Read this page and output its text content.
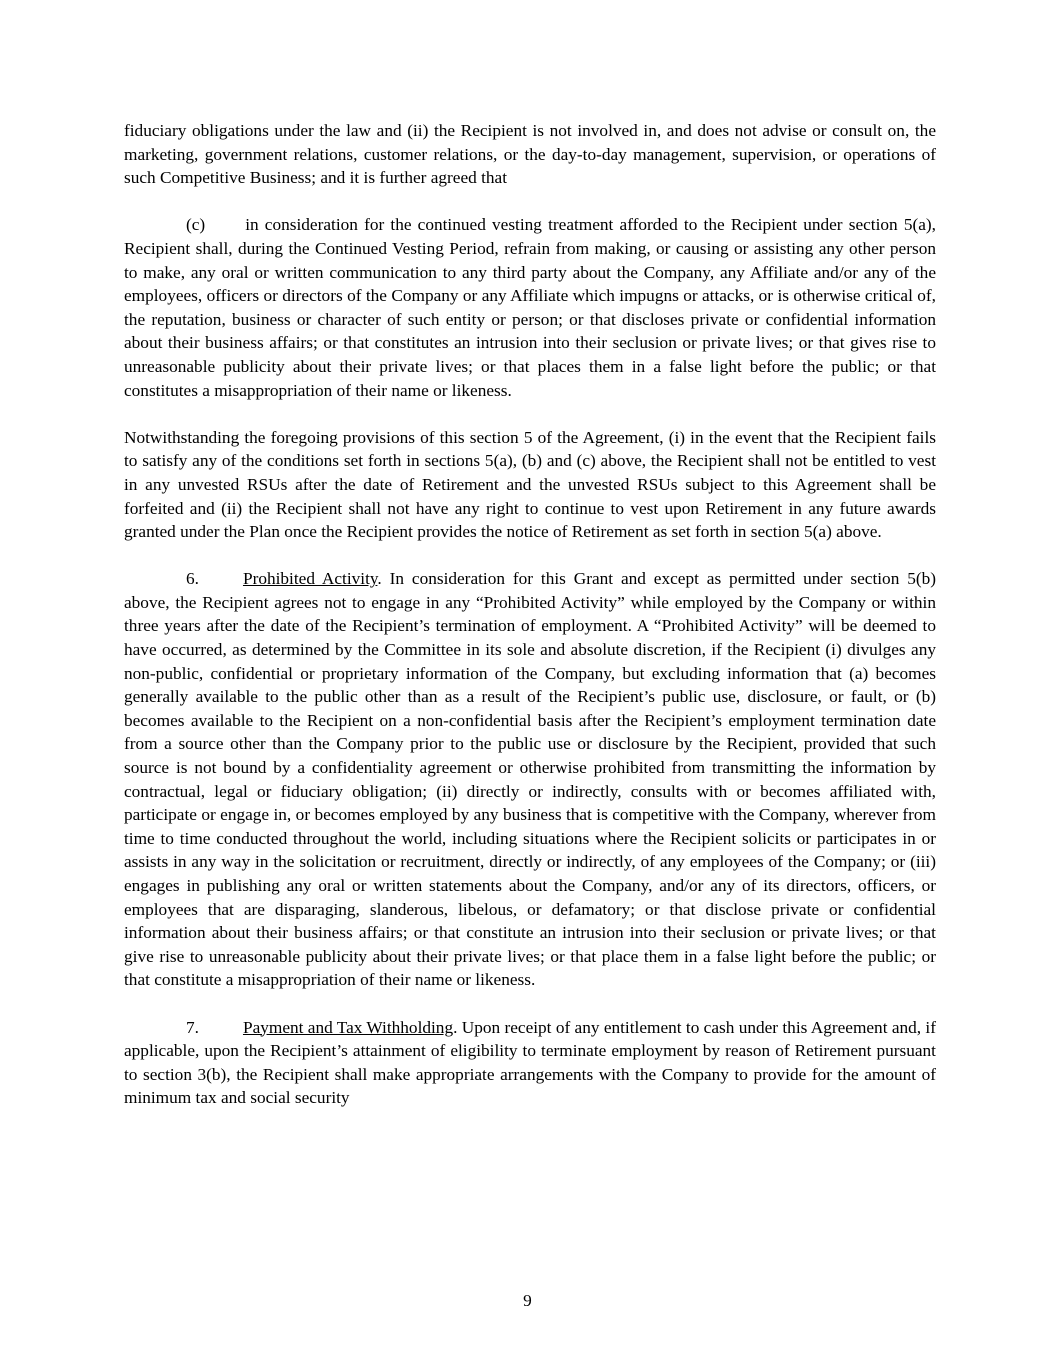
fiduciary obligations under the law and (ii) the Recipient is not involved in, and does not advise or consult on, the marketing, government relations, customer relations, or the day-to-day management, supervision, or operations of such Competitive Business; and it is further agreed that

(c) in consideration for the continued vesting treatment afforded to the Recipient under section 5(a), Recipient shall, during the Continued Vesting Period, refrain from making, or causing or assisting any other person to make, any oral or written communication to any third party about the Company, any Affiliate and/or any of the employees, officers or directors of the Company or any Affiliate which impugns or attacks, or is otherwise critical of, the reputation, business or character of such entity or person; or that discloses private or confidential information about their business affairs; or that constitutes an intrusion into their seclusion or private lives; or that gives rise to unreasonable publicity about their private lives; or that places them in a false light before the public; or that constitutes a misappropriation of their name or likeness.

Notwithstanding the foregoing provisions of this section 5 of the Agreement, (i) in the event that the Recipient fails to satisfy any of the conditions set forth in sections 5(a), (b) and (c) above, the Recipient shall not be entitled to vest in any unvested RSUs after the date of Retirement and the unvested RSUs subject to this Agreement shall be forfeited and (ii) the Recipient shall not have any right to continue to vest upon Retirement in any future awards granted under the Plan once the Recipient provides the notice of Retirement as set forth in section 5(a) above.

6.	Prohibited Activity. In consideration for this Grant and except as permitted under section 5(b) above, the Recipient agrees not to engage in any “Prohibited Activity” while employed by the Company or within three years after the date of the Recipient’s termination of employment. A “Prohibited Activity” will be deemed to have occurred, as determined by the Committee in its sole and absolute discretion, if the Recipient (i) divulges any non-public, confidential or proprietary information of the Company, but excluding information that (a) becomes generally available to the public other than as a result of the Recipient’s public use, disclosure, or fault, or (b) becomes available to the Recipient on a non-confidential basis after the Recipient’s employment termination date from a source other than the Company prior to the public use or disclosure by the Recipient, provided that such source is not bound by a confidentiality agreement or otherwise prohibited from transmitting the information by contractual, legal or fiduciary obligation; (ii) directly or indirectly, consults with or becomes affiliated with, participate or engage in, or becomes employed by any business that is competitive with the Company, wherever from time to time conducted throughout the world, including situations where the Recipient solicits or participates in or assists in any way in the solicitation or recruitment, directly or indirectly, of any employees of the Company; or (iii) engages in publishing any oral or written statements about the Company, and/or any of its directors, officers, or employees that are disparaging, slanderous, libelous, or defamatory; or that disclose private or confidential information about their business affairs; or that constitute an intrusion into their seclusion or private lives; or that give rise to unreasonable publicity about their private lives; or that place them in a false light before the public; or that constitute a misappropriation of their name or likeness.

7.	Payment and Tax Withholding. Upon receipt of any entitlement to cash under this Agreement and, if applicable, upon the Recipient’s attainment of eligibility to terminate employment by reason of Retirement pursuant to section 3(b), the Recipient shall make appropriate arrangements with the Company to provide for the amount of minimum tax and social security

9
